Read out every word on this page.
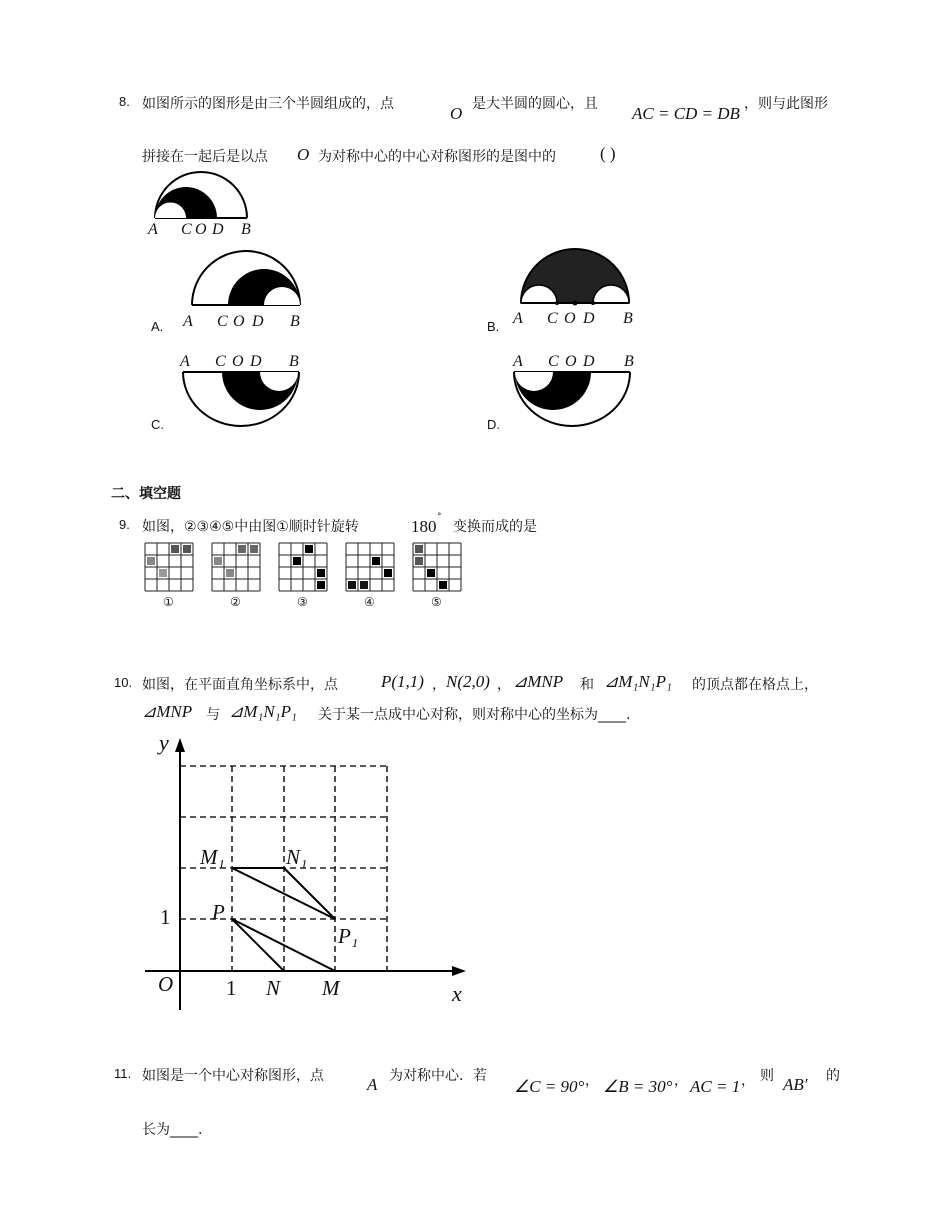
8. 如图所示的图形是由三个半圆组成的，点	O 是大半圆的圆心，且 AC = CD = DB ，则与此图形
拼接在一起后是以点 O 为对称中心的中心对称图形的是图中的	( )
A C O D B
A. A C O D B	B. A C O D B
C.
A C O D B
D.
A C O D B
二、填空题
9. 如图，②③④⑤中由图①顺时针旋转	180 °
变换而成的是
①	②	③	④	⑤
10. 如图，在平面直角坐标系中，点	P(1,1) ， N(2,0) ， ⊿MNP 和 ⊿M₁N₁P₁ 的顶点都在格点上，
⊿MNP 与 ⊿M₁N₁P₁ 关于某一点成中心对称，则对称中心的坐标为____.
y
x
O	1
1
N M
P
M₁	N₁
P₁
11. 如图是一个中心对称图形，点	A 为对称中心．若
∠C = 90° ， ∠B = 30° ， AC = 1 ， 则 AB′ 的
长为____.
